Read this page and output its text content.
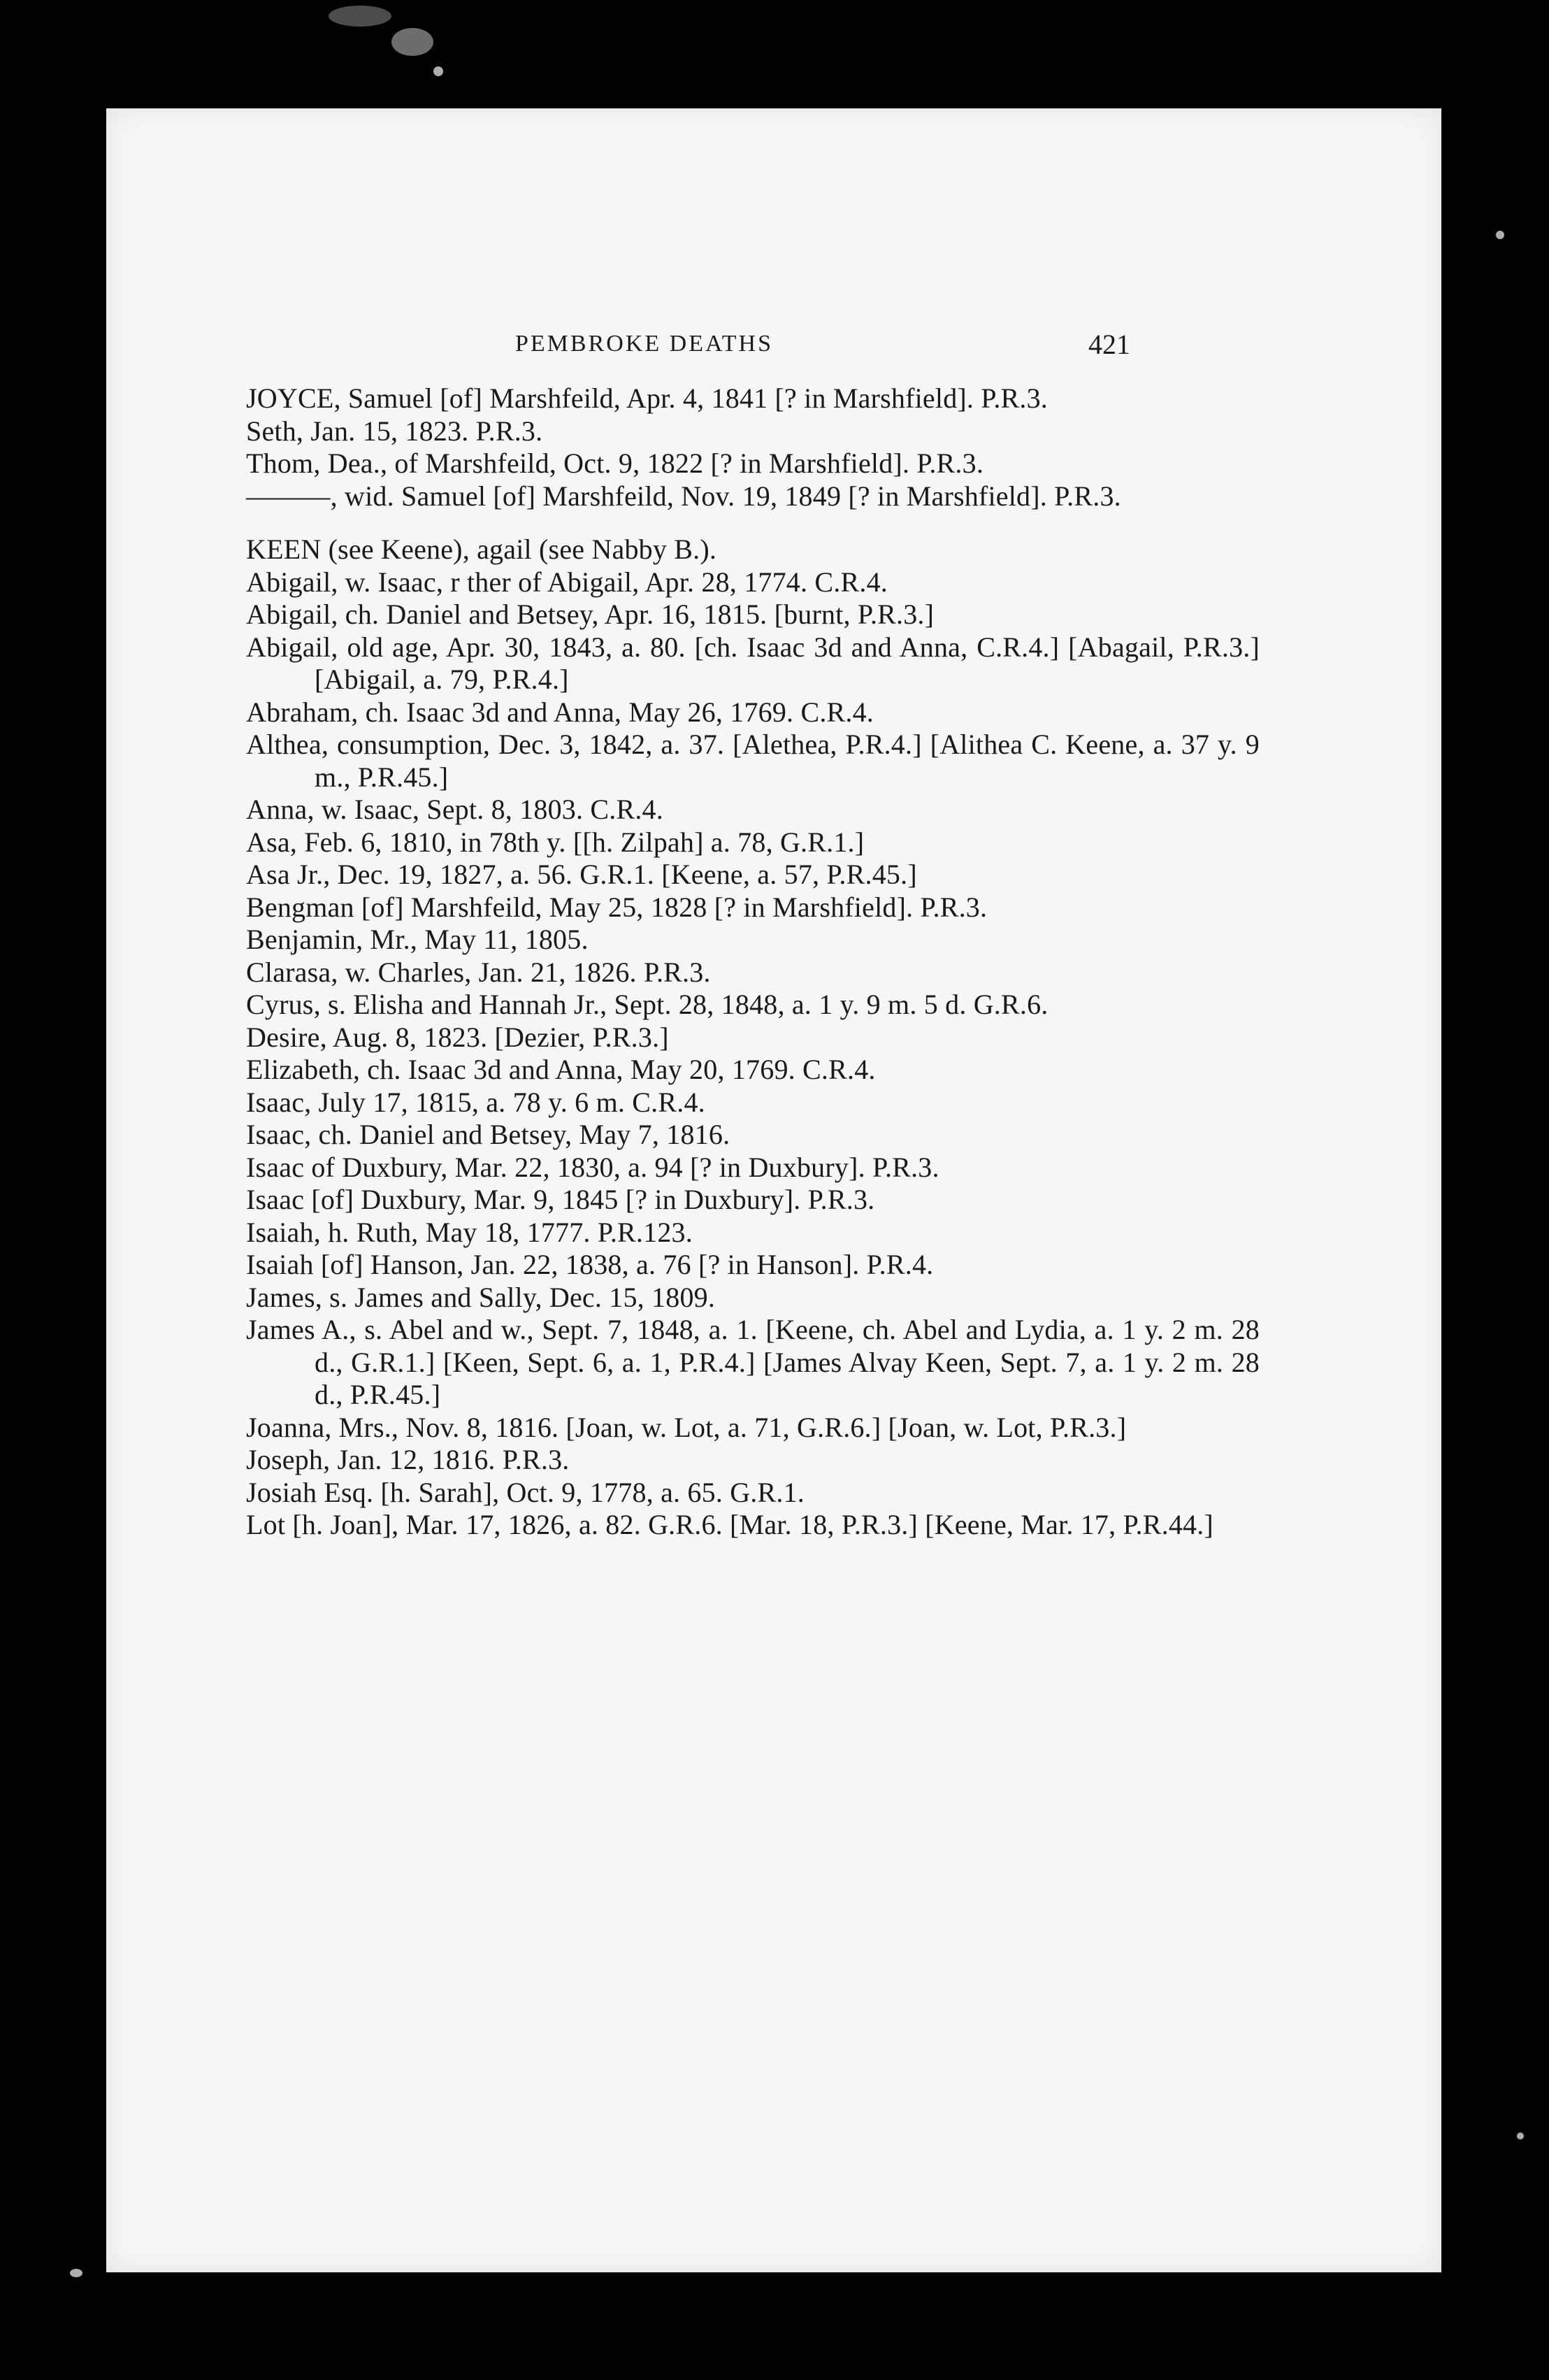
PEMBROKE DEATHS	421
JOYCE, Samuel [of] Marshfeild, Apr. 4, 1841 [? in Marshfield]. P.R.3.
Seth, Jan. 15, 1823. P.R.3.
Thom, Dea., of Marshfeild, Oct. 9, 1822 [? in Marshfield]. P.R.3.
———, wid. Samuel [of] Marshfeild, Nov. 19, 1849 [? in Marshfield]. P.R.3.
KEEN (see Keene), agail (see Nabby B.).
Abigail, w. Isaac, r ther of Abigail, Apr. 28, 1774. C.R.4.
Abigail, ch. Daniel and Betsey, Apr. 16, 1815. [burnt, P.R.3.]
Abigail, old age, Apr. 30, 1843, a. 80. [ch. Isaac 3d and Anna, C.R.4.] [Abagail, P.R.3.] [Abigail, a. 79, P.R.4.]
Abraham, ch. Isaac 3d and Anna, May 26, 1769. C.R.4.
Althea, consumption, Dec. 3, 1842, a. 37. [Alethea, P.R.4.] [Alithea C. Keene, a. 37 y. 9 m., P.R.45.]
Anna, w. Isaac, Sept. 8, 1803. C.R.4.
Asa, Feb. 6, 1810, in 78th y. [[h. Zilpah] a. 78, G.R.1.]
Asa Jr., Dec. 19, 1827, a. 56. G.R.1. [Keene, a. 57, P.R.45.]
Bengman [of] Marshfeild, May 25, 1828 [? in Marshfield]. P.R.3.
Benjamin, Mr., May 11, 1805.
Clarasa, w. Charles, Jan. 21, 1826. P.R.3.
Cyrus, s. Elisha and Hannah Jr., Sept. 28, 1848, a. 1 y. 9 m. 5 d. G.R.6.
Desire, Aug. 8, 1823. [Dezier, P.R.3.]
Elizabeth, ch. Isaac 3d and Anna, May 20, 1769. C.R.4.
Isaac, July 17, 1815, a. 78 y. 6 m. C.R.4.
Isaac, ch. Daniel and Betsey, May 7, 1816.
Isaac of Duxbury, Mar. 22, 1830, a. 94 [? in Duxbury]. P.R.3.
Isaac [of] Duxbury, Mar. 9, 1845 [? in Duxbury]. P.R.3.
Isaiah, h. Ruth, May 18, 1777. P.R.123.
Isaiah [of] Hanson, Jan. 22, 1838, a. 76 [? in Hanson]. P.R.4.
James, s. James and Sally, Dec. 15, 1809.
James A., s. Abel and w., Sept. 7, 1848, a. 1. [Keene, ch. Abel and Lydia, a. 1 y. 2 m. 28 d., G.R.1.] [Keen, Sept. 6, a. 1, P.R.4.] [James Alvay Keen, Sept. 7, a. 1 y. 2 m. 28 d., P.R.45.]
Joanna, Mrs., Nov. 8, 1816. [Joan, w. Lot, a. 71, G.R.6.] [Joan, w. Lot, P.R.3.]
Joseph, Jan. 12, 1816. P.R.3.
Josiah Esq. [h. Sarah], Oct. 9, 1778, a. 65. G.R.1.
Lot [h. Joan], Mar. 17, 1826, a. 82. G.R.6. [Mar. 18, P.R.3.] [Keene, Mar. 17, P.R.44.]
